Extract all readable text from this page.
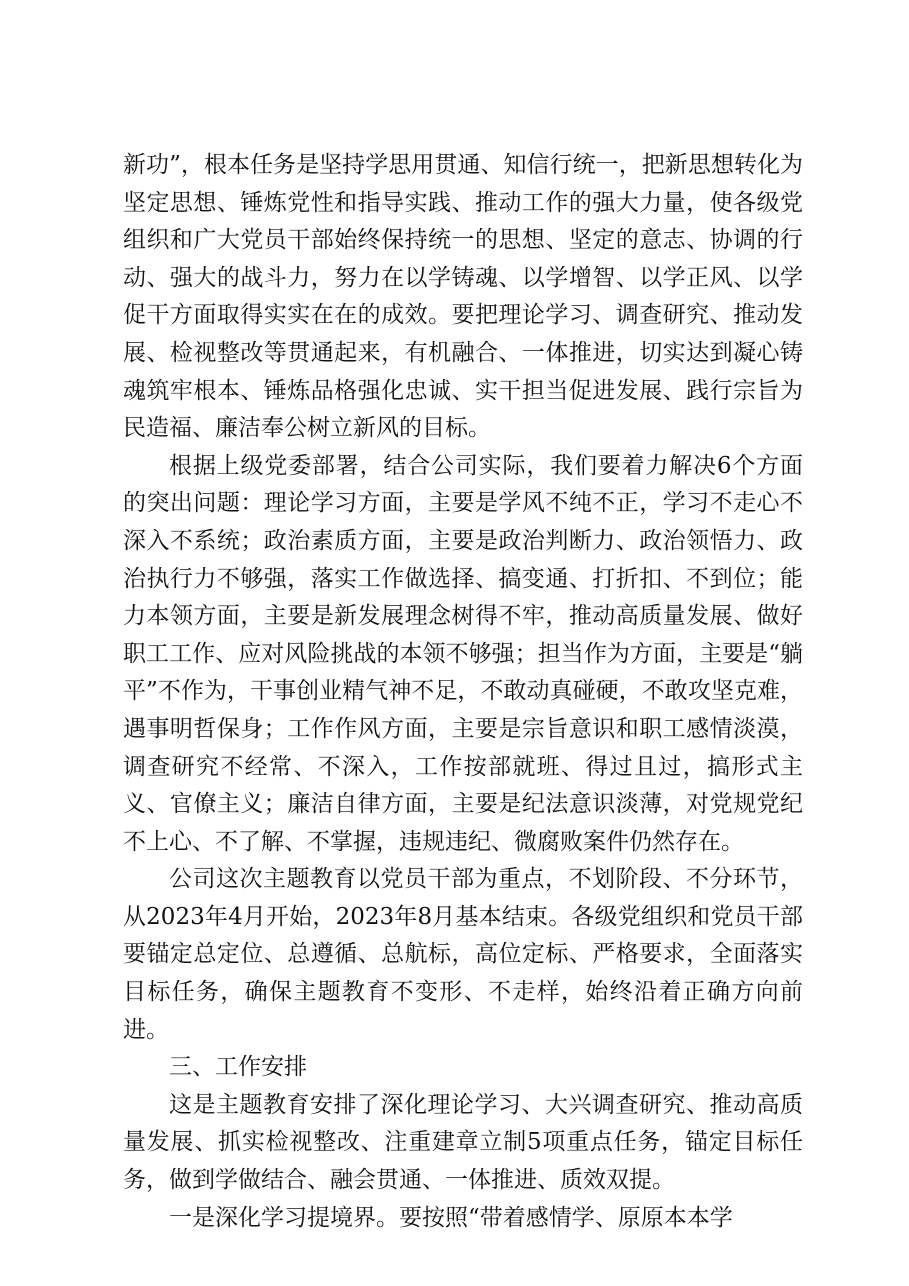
新功”，根本任务是坚持学思用贯通、知信行统一，把新思想转化为坚定思想、锤炼党性和指导实践、推动工作的强大力量，使各级党组织和广大党员干部始终保持统一的思想、坚定的意志、协调的行动、强大的战斗力，努力在以学铸魂、以学增智、以学正风、以学促干方面取得实实在在的成效。要把理论学习、调查研究、推动发展、检视整改等贯通起来，有机融合、一体推进，切实达到凝心铸魂筑牢根本、锤炼品格强化忠诚、实干担当促进发展、践行宗旨为民造福、廉洁奉公树立新风的目标。

根据上级党委部署，结合公司实际，我们要着力解决6个方面的突出问题：理论学习方面，主要是学风不纯不正，学习不走心不深入不系统；政治素质方面，主要是政治判断力、政治领悟力、政治执行力不够强，落实工作做选择、搞变通、打折扣、不到位；能力本领方面，主要是新发展理念树得不牢，推动高质量发展、做好职工工作、应对风险挑战的本领不够强；担当作为方面，主要是“躺平”不作为，干事创业精气神不足，不敢动真碰硬，不敢攻坚克难，遇事明哲保身；工作作风方面，主要是宗旨意识和职工感情淡漠，调查研究不经常、不深入，工作按部就班、得过且过，搞形式主义、官僚主义；廉洁自律方面，主要是纪法意识淡薄，对党规党纪不上心、不了解、不掌握，违规违纪、微腐败案件仍然存在。

公司这次主题教育以党员干部为重点，不划阶段、不分环节，从2023年4月开始，2023年8月基本结束。各级党组织和党员干部要锚定总定位、总遵循、总航标，高位定标、严格要求，全面落实目标任务，确保主题教育不变形、不走样，始终沿着正确方向前进。

三、工作安排

这是主题教育安排了深化理论学习、大兴调查研究、推动高质量发展、抓实检视整改、注重建章立制5项重点任务，锚定目标任务，做到学做结合、融会贯通、一体推进、质效双提。

一是深化学习提境界。要按照“带着感情学、原原本本学
